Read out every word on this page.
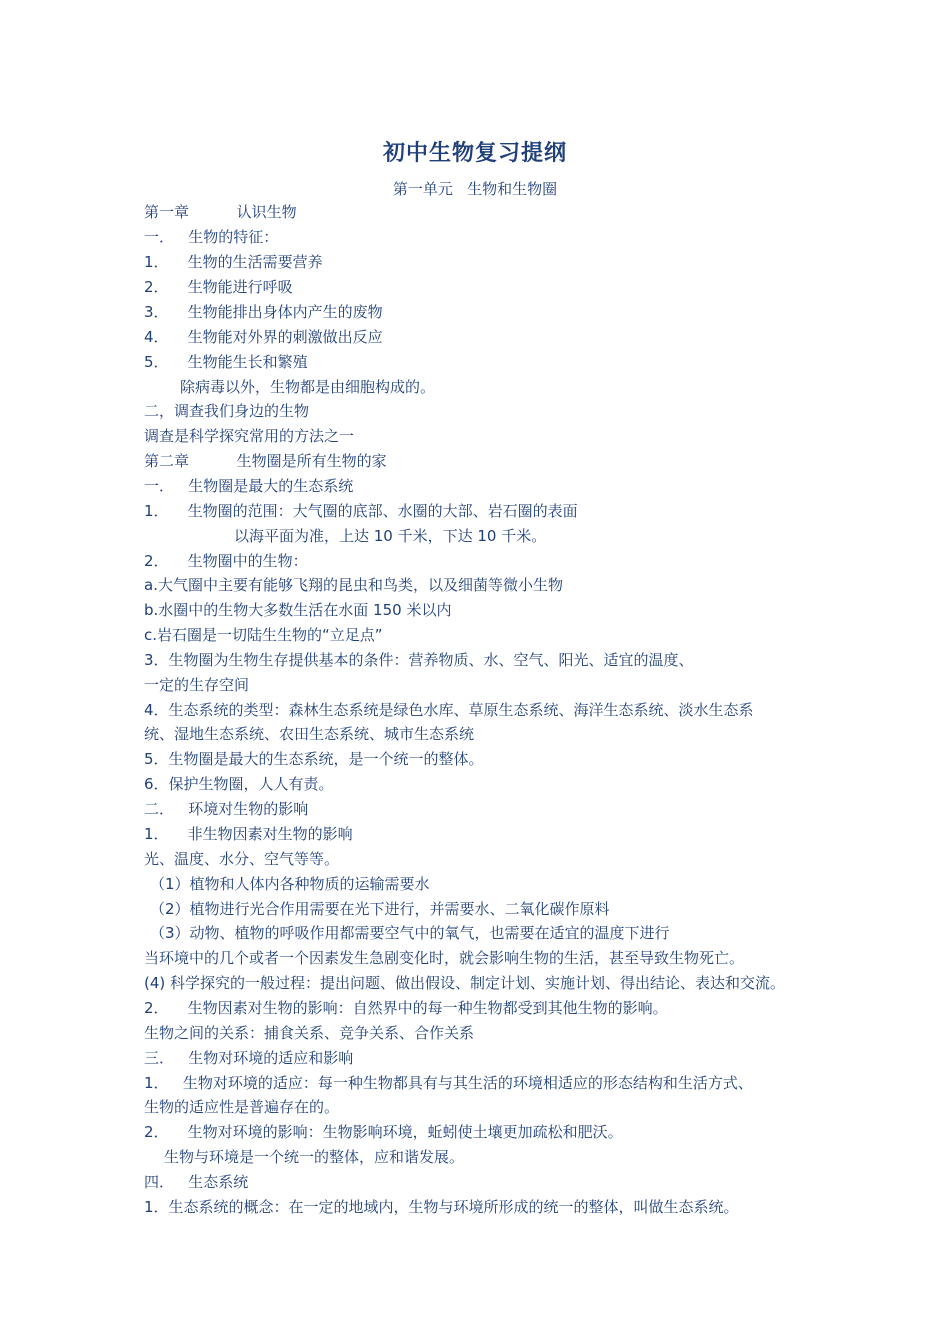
初中生物复习提纲
第一单元   生物和生物圈
第一章          认识生物
一．   生物的特征：
1．    生物的生活需要营养
2．    生物能进行呼吸
3．    生物能排出身体内产生的废物
4．    生物能对外界的刺激做出反应
5．    生物能生长和繁殖
除病毒以外，生物都是由细胞构成的。
二，调查我们身边的生物
调查是科学探究常用的方法之一
第二章          生物圈是所有生物的家
一．   生物圈是最大的生态系统
1．    生物圈的范围：大气圈的底部、水圈的大部、岩石圈的表面
以海平面为准，上达 10 千米，下达 10 千米。
2．    生物圈中的生物：
a.大气圈中主要有能够飞翔的昆虫和鸟类，以及细菌等微小生物
b.水圈中的生物大多数生活在水面 150 米以内
c.岩石圈是一切陆生生物的“立足点”
3．生物圈为生物生存提供基本的条件：营养物质、水、空气、阳光、适宜的温度、
一定的生存空间
4．生态系统的类型：森林生态系统是绿色水库、草原生态系统、海洋生态系统、淡水生态系
统、湿地生态系统、农田生态系统、城市生态系统
5．生物圈是最大的生态系统，是一个统一的整体。
6．保护生物圈，人人有责。
二．   环境对生物的影响
1．    非生物因素对生物的影响
光、温度、水分、空气等等。
（1）植物和人体内各种物质的运输需要水
（2）植物进行光合作用需要在光下进行，并需要水、二氧化碳作原料
（3）动物、植物的呼吸作用都需要空气中的氧气，也需要在适宜的温度下进行
当环境中的几个或者一个因素发生急剧变化时，就会影响生物的生活，甚至导致生物死亡。
(4) 科学探究的一般过程：提出问题、做出假设、制定计划、实施计划、得出结论、表达和交流。
2．    生物因素对生物的影响：自然界中的每一种生物都受到其他生物的影响。
生物之间的关系：捕食关系、竞争关系、合作关系
三．   生物对环境的适应和影响
1．   生物对环境的适应：每一种生物都具有与其生活的环境相适应的形态结构和生活方式、
生物的适应性是普遍存在的。
2．    生物对环境的影响：生物影响环境，蚯蚓使土壤更加疏松和肥沃。
生物与环境是一个统一的整体，应和谐发展。
四．   生态系统
1．生态系统的概念：在一定的地域内，生物与环境所形成的统一的整体，叫做生态系统。
